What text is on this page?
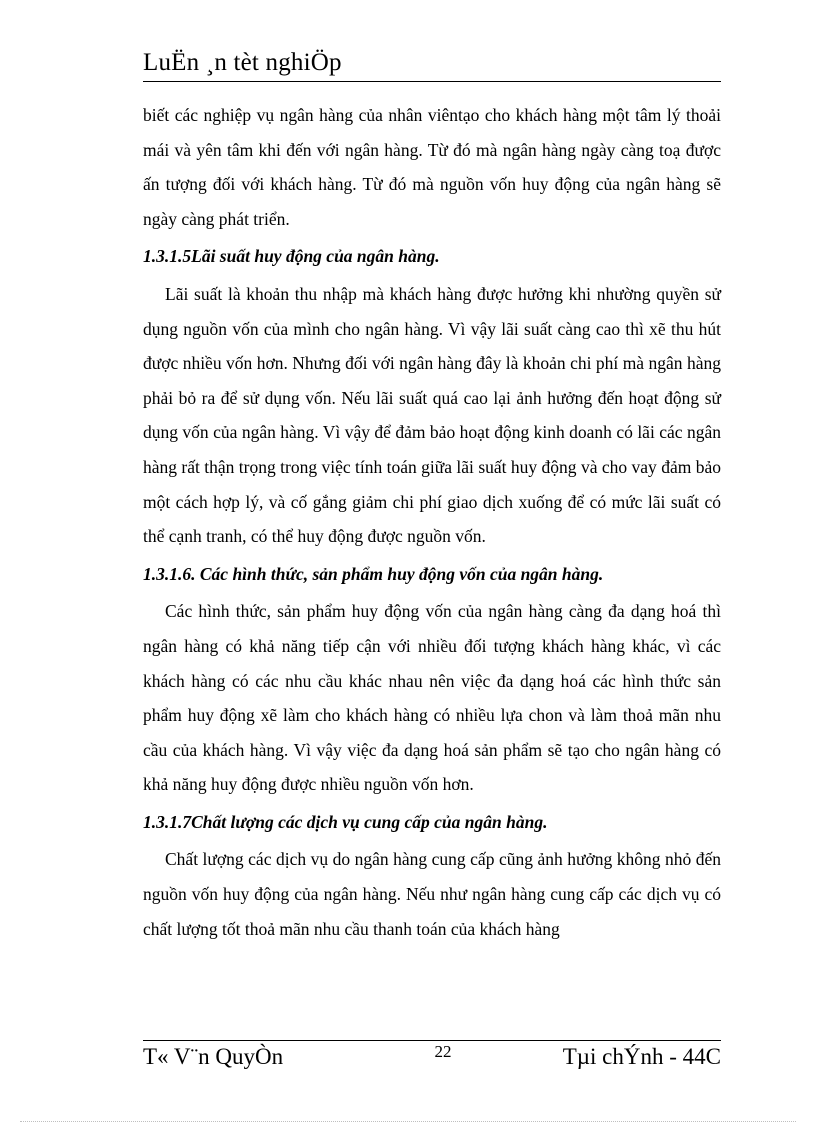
LuËn ¸n tèt nghiÖp

biết các nghiệp vụ ngân hàng của nhân viêntạo cho khách hàng một tâm lý thoải mái và yên tâm khi đến với ngân hàng. Từ đó mà ngân hàng ngày càng toạ được ấn tượng đối với khách hàng. Từ đó mà nguồn vốn huy động của ngân hàng sẽ ngày càng phát triển.

1.3.1.5Lãi suất huy động của ngân hàng.

Lãi suất là khoản thu nhập mà khách hàng được hưởng khi nhường quyền sử dụng nguồn vốn của mình cho ngân hàng. Vì vậy lãi suất càng cao thì xẽ thu hút được nhiều vốn hơn. Nhưng đối với ngân hàng đây là khoản chi phí mà ngân hàng phải bỏ ra để sử dụng vốn. Nếu lãi suất quá cao lại ảnh hưởng đến hoạt động sử dụng vốn của ngân hàng. Vì vậy để đảm bảo hoạt động kinh doanh có lãi các ngân hàng rất thận trọng trong việc tính toán giữa lãi suất huy động và cho vay đảm bảo một cách hợp lý, và cố gắng giảm chi phí giao dịch xuống để có mức lãi suất có thể cạnh tranh, có thể huy động được nguồn vốn.

1.3.1.6. Các hình thức, sản phẩm huy động vốn của ngân hàng.

Các hình thức, sản phẩm huy động vốn của ngân hàng càng đa dạng hoá thì ngân hàng có khả năng tiếp cận với nhiều đối tượng khách hàng khác, vì các khách hàng có các nhu cầu khác nhau nên việc đa dạng hoá các hình thức sản phẩm huy động xẽ làm cho khách hàng có nhiều lựa chon và làm thoả mãn nhu cầu của khách hàng. Vì vậy việc đa dạng hoá sản phẩm sẽ tạo cho ngân hàng có khả năng huy động được nhiều nguồn vốn hơn.

1.3.1.7Chất lượng các dịch vụ cung cấp của ngân hàng.

Chất lượng các dịch vụ do ngân hàng cung cấp cũng ảnh hưởng không nhỏ đến nguồn vốn huy động của ngân hàng. Nếu như ngân hàng cung cấp các dịch vụ có chất lượng tốt thoả mãn nhu cầu thanh toán của khách hàng

T« V¨n QuyÒn	22	Tµi chÝnh - 44C
